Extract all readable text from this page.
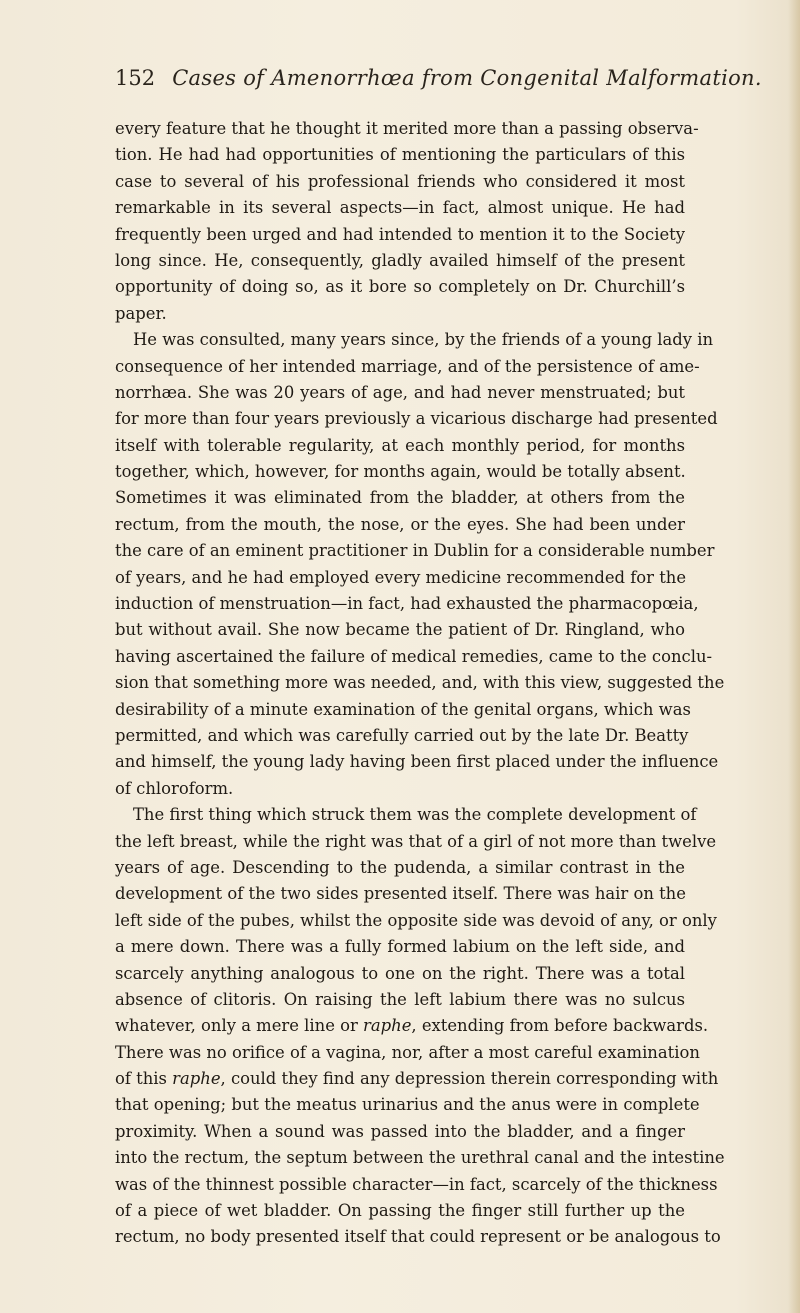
152 Cases of Amenorrhœa from Congenital Malformation.
every feature that he thought it merited more than a passing observa-
tion. He had had opportunities of mentioning the particulars of this
case to several of his professional friends who considered it most
remarkable in its several aspects—in fact, almost unique. He had
frequently been urged and had intended to mention it to the Society
long since. He, consequently, gladly availed himself of the present
opportunity of doing so, as it bore so completely on Dr. Churchill’s
paper.
He was consulted, many years since, by the friends of a young lady in
consequence of her intended marriage, and of the persistence of ame-
norrhæa. She was 20 years of age, and had never menstruated; but
for more than four years previously a vicarious discharge had presented
itself with tolerable regularity, at each monthly period, for months
together, which, however, for months again, would be totally absent.
Sometimes it was eliminated from the bladder, at others from the
rectum, from the mouth, the nose, or the eyes. She had been under
the care of an eminent practitioner in Dublin for a considerable number
of years, and he had employed every medicine recommended for the
induction of menstruation—in fact, had exhausted the pharmacopœia,
but without avail. She now became the patient of Dr. Ringland, who
having ascertained the failure of medical remedies, came to the conclu-
sion that something more was needed, and, with this view, suggested the
desirability of a minute examination of the genital organs, which was
permitted, and which was carefully carried out by the late Dr. Beatty
and himself, the young lady having been first placed under the influence
of chloroform.
The first thing which struck them was the complete development of
the left breast, while the right was that of a girl of not more than twelve
years of age. Descending to the pudenda, a similar contrast in the
development of the two sides presented itself. There was hair on the
left side of the pubes, whilst the opposite side was devoid of any, or only
a mere down. There was a fully formed labium on the left side, and
scarcely anything analogous to one on the right. There was a total
absence of clitoris. On raising the left labium there was no sulcus
whatever, only a mere line or raphe, extending from before backwards.
There was no orifice of a vagina, nor, after a most careful examination
of this raphe, could they find any depression therein corresponding with
that opening; but the meatus urinarius and the anus were in complete
proximity. When a sound was passed into the bladder, and a finger
into the rectum, the septum between the urethral canal and the intestine
was of the thinnest possible character—in fact, scarcely of the thickness
of a piece of wet bladder. On passing the finger still further up the
rectum, no body presented itself that could represent or be analogous to
